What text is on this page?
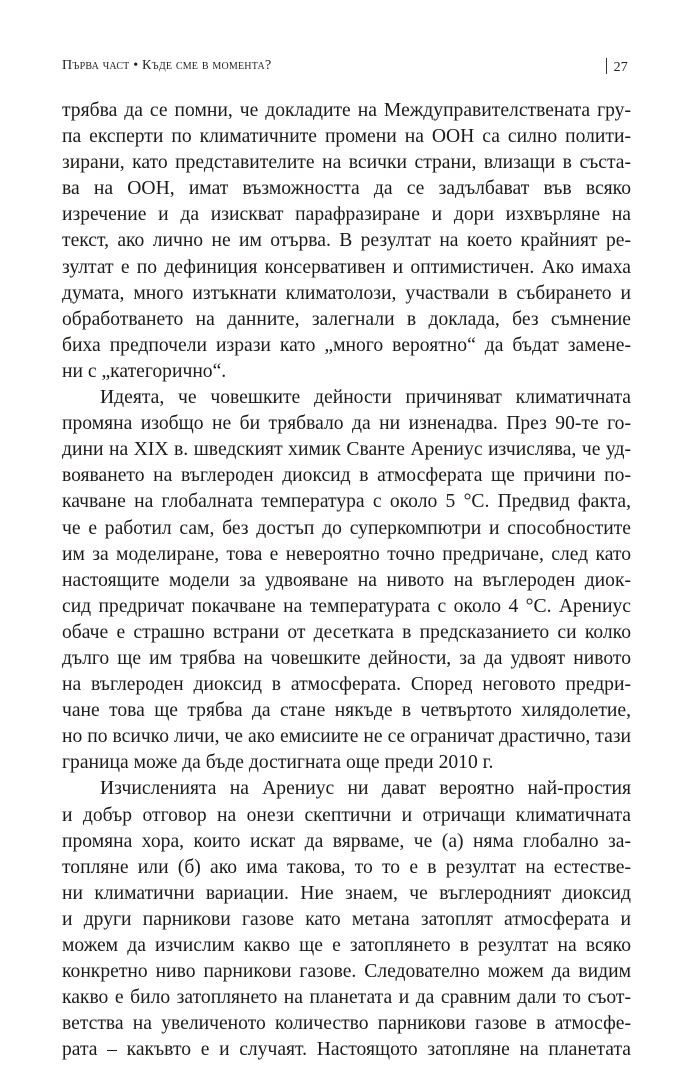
Първа част • Къде сме в момента?	27
трябва да се помни, че докладите на Междуправителствената гру-
па експерти по климатичните промени на ООН са силно полити-
зирани, като представителите на всички страни, влизащи в съста-
ва на ООН, имат възможността да се задълбават във всяко
изречение и да изискват парафразиране и дори изхвърляне на
текст, ако лично не им отърва. В резултат на което крайният ре-
зултат е по дефиниция консервативен и оптимистичен. Ако имаха
думата, много изтъкнати климатолози, участвали в събирането и
обработването на данните, залегнали в доклада, без съмнение
биха предпочели изрази като „много вероятно“ да бъдат замене-
ни с „категорично“.
Идеята, че човешките дейности причиняват климатичната
промяна изобщо не би трябвало да ни изненадва. През 90-те го-
дини на XIX в. шведският химик Сванте Арениус изчислява, че уд-
вояването на въглероден диоксид в атмосферата ще причини по-
качване на глобалната температура с около 5 °C. Предвид факта,
че е работил сам, без достъп до суперкомпютри и способностите
им за моделиране, това е невероятно точно предричане, след като
настоящите модели за удвояване на нивото на въглероден диок-
сид предричат покачване на температурата с около 4 °C. Арениус
обаче е страшно встрани от десетката в предсказанието си колко
дълго ще им трябва на човешките дейности, за да удвоят нивото
на въглероден диоксид в атмосферата. Според неговото предри-
чане това ще трябва да стане някъде в четвъртото хилядолетие,
но по всичко личи, че ако емисиите не се ограничат драстично, тази
граница може да бъде достигната още преди 2010 г.
Изчисленията на Арениус ни дават вероятно най-простия
и добър отговор на онези скептични и отричащи климатичната
промяна хора, които искат да вярваме, че (а) няма глобално за-
топляне или (б) ако има такова, то то е в резултат на естестве-
ни климатични вариации. Ние знаем, че въглеродният диоксид
и други парникови газове като метана затоплят атмосферата и
можем да изчислим какво ще е затоплянето в резултат на всяко
конкретно ниво парникови газове. Следователно можем да видим
какво е било затоплянето на планетата и да сравним дали то съот-
ветства на увеличеното количество парникови газове в атмосфе-
рата – какъвто е и случаят. Настоящото затопляне на планетата
